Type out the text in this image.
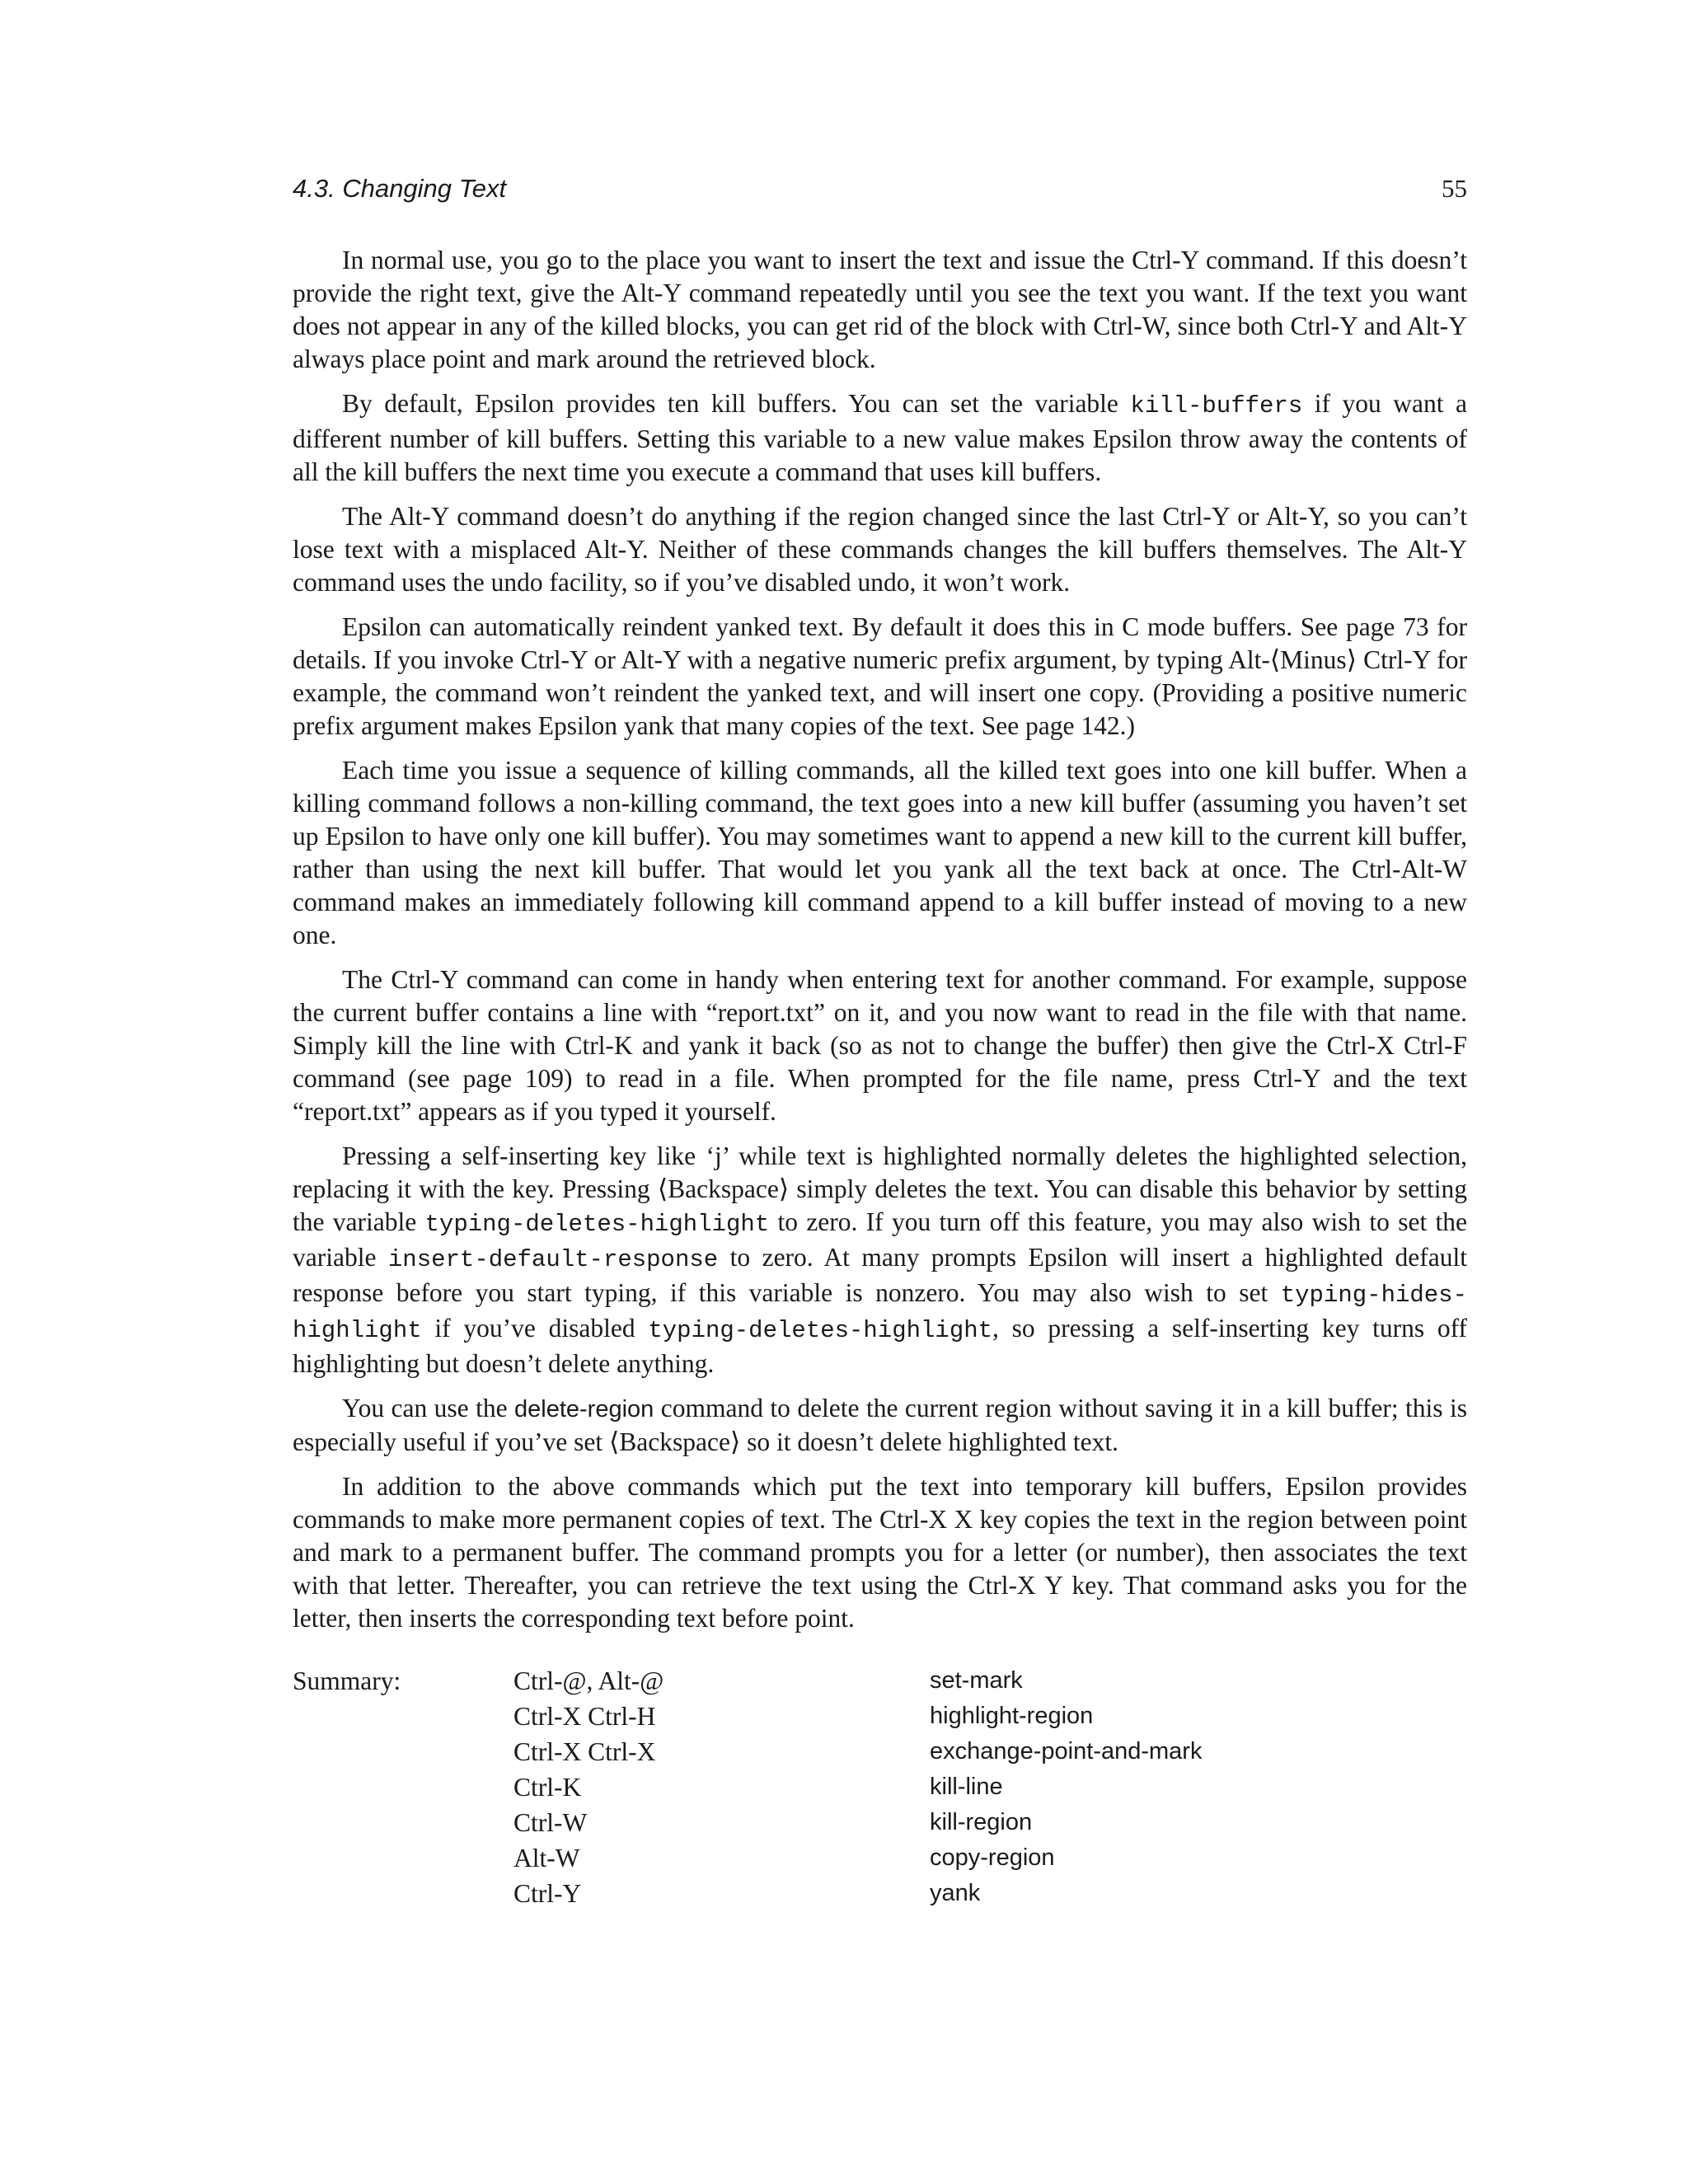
4.3. Changing Text	55

In normal use, you go to the place you want to insert the text and issue the Ctrl-Y command. If this doesn’t provide the right text, give the Alt-Y command repeatedly until you see the text you want. If the text you want does not appear in any of the killed blocks, you can get rid of the block with Ctrl-W, since both Ctrl-Y and Alt-Y always place point and mark around the retrieved block.

By default, Epsilon provides ten kill buffers. You can set the variable kill-buffers if you want a different number of kill buffers. Setting this variable to a new value makes Epsilon throw away the contents of all the kill buffers the next time you execute a command that uses kill buffers.

The Alt-Y command doesn’t do anything if the region changed since the last Ctrl-Y or Alt-Y, so you can’t lose text with a misplaced Alt-Y. Neither of these commands changes the kill buffers themselves. The Alt-Y command uses the undo facility, so if you’ve disabled undo, it won’t work.

Epsilon can automatically reindent yanked text. By default it does this in C mode buffers. See page 73 for details. If you invoke Ctrl-Y or Alt-Y with a negative numeric prefix argument, by typing Alt-⟨Minus⟩ Ctrl-Y for example, the command won’t reindent the yanked text, and will insert one copy. (Providing a positive numeric prefix argument makes Epsilon yank that many copies of the text. See page 142.)

Each time you issue a sequence of killing commands, all the killed text goes into one kill buffer. When a killing command follows a non-killing command, the text goes into a new kill buffer (assuming you haven’t set up Epsilon to have only one kill buffer). You may sometimes want to append a new kill to the current kill buffer, rather than using the next kill buffer. That would let you yank all the text back at once. The Ctrl-Alt-W command makes an immediately following kill command append to a kill buffer instead of moving to a new one.

The Ctrl-Y command can come in handy when entering text for another command. For example, suppose the current buffer contains a line with “report.txt” on it, and you now want to read in the file with that name. Simply kill the line with Ctrl-K and yank it back (so as not to change the buffer) then give the Ctrl-X Ctrl-F command (see page 109) to read in a file. When prompted for the file name, press Ctrl-Y and the text “report.txt” appears as if you typed it yourself.

Pressing a self-inserting key like ‘j’ while text is highlighted normally deletes the highlighted selection, replacing it with the key. Pressing ⟨Backspace⟩ simply deletes the text. You can disable this behavior by setting the variable typing-deletes-highlight to zero. If you turn off this feature, you may also wish to set the variable insert-default-response to zero. At many prompts Epsilon will insert a highlighted default response before you start typing, if this variable is nonzero. You may also wish to set typing-hides-highlight if you’ve disabled typing-deletes-highlight, so pressing a self-inserting key turns off highlighting but doesn’t delete anything.

You can use the delete-region command to delete the current region without saving it in a kill buffer; this is especially useful if you’ve set ⟨Backspace⟩ so it doesn’t delete highlighted text.

In addition to the above commands which put the text into temporary kill buffers, Epsilon provides commands to make more permanent copies of text. The Ctrl-X X key copies the text in the region between point and mark to a permanent buffer. The command prompts you for a letter (or number), then associates the text with that letter. Thereafter, you can retrieve the text using the Ctrl-X Y key. That command asks you for the letter, then inserts the corresponding text before point.

Summary:	Ctrl-@, Alt-@	set-mark
Ctrl-X Ctrl-H	highlight-region
Ctrl-X Ctrl-X	exchange-point-and-mark
Ctrl-K	kill-line
Ctrl-W	kill-region
Alt-W	copy-region
Ctrl-Y	yank
